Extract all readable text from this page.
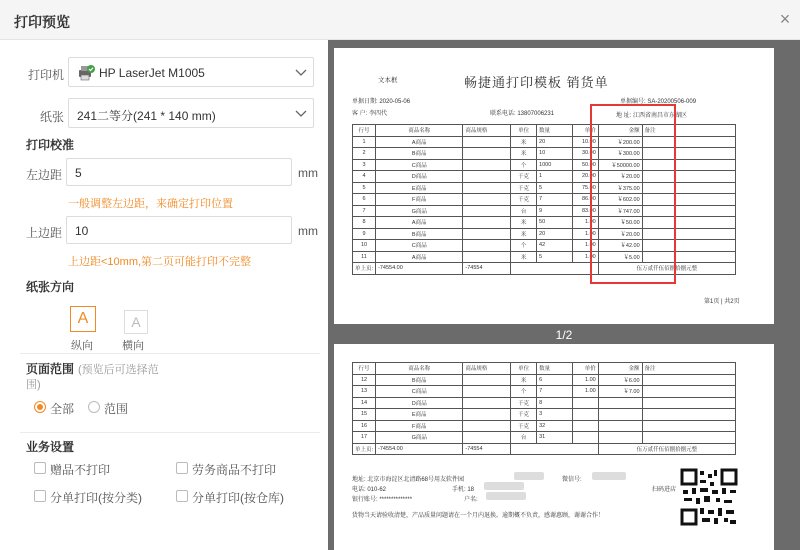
打印预览	×
打印机	HP LaserJet M1005
纸张 241二等分(241 * 140 mm)
打印校准
左边距 5	mm
一般调整左边距，来确定打印位置
上边距 10	mm
上边距<10mm,第二页可能打印不完整
纸张方向
A
纵向
A
横向
页面范围 (预览后可选择范
围)
全部 范围
业务设置
赠品不打印	劳务商品不打印
分单打印(按分类)	分单打印(按仓库)
文本框	畅捷通打印模板 销货单
单据日期: 2020-05-06	单据编号: SA-20200506-009
客 户: 李四代	联系电话: 13807006231	地 址: 江西省南昌市东湖区
行号	商品名称	商品规格	单位	数量	单价	金额	备注
1	A商品		米	20	10.00	￥200.00	
2	B商品		米	10	30.00	￥300.00	
3	C商品		个	1000	50.00	￥50000.00	
4	D商品		千克	1	20.00	￥20.00	
5	E商品		千克	5	75.00	￥375.00	
6	F商品		千克	7	86.00	￥602.00	
7	G商品		台	9	83.00	￥747.00	
8	A商品		米	50	1.00	￥50.00	
9	B商品		米	20	1.00	￥20.00	
10	C商品		个	42	1.00	￥42.00	
11	A商品		米	5	1.00	￥5.00	
单上页:	-74554.00	-74554				伍万贰仟伍佰捌拾捌元整	
第1页 | 共2页
1/2
行号	商品名称	商品规格	单位	数量	单价	金额	备注
12	B商品		米	6	1.00	￥6.00	
13	C商品		个	7	1.00	￥7.00	
14	D商品		千克	8			
15	E商品		千克	3			
16	F商品		千克	32			
17	G商品		台	31			
单上页:	-74554.00	-74554				伍万贰仟伍佰捌拾捌元整	
地址: 北京市海淀区北清路68号用友软件园	微信号:
电话: 010-62	手机: 18
银行账号: **************	户名:
货物当天请验收清楚，产品质量问题请在一个月内退换。逾期概不负责，感谢惠顾，谢谢合作！
扫码进店
